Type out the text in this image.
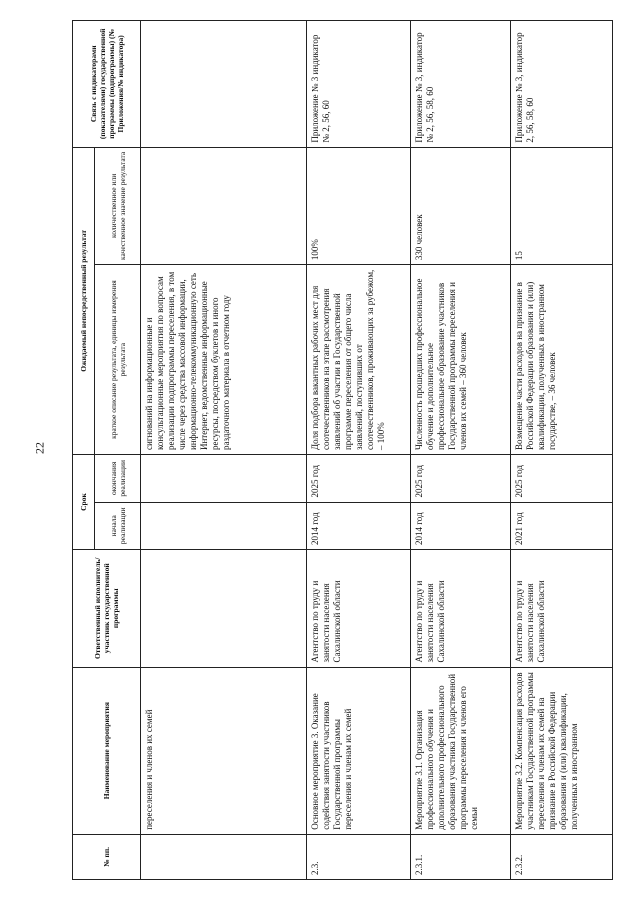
22
№ пп.	Наименование мероприятия	Ответственный исполнитель/участник государственной программы	Срок		Ожидаемый непосредственный результат		Связь с индикаторами (показателями) государственной программы (подпрограммы) (№ Приложения/№ индикатора)
			начала реализации	окончания реализации	краткое описание результата, единицы измерения результата	количественное или качественное значение результата	
	переселения и членов их семей				сигнований на информационные и консультационные мероприятия по вопросам реализации подпрограммы переселения, в том числе через средства массовой информации, информационно-телекоммуникационную сеть Интернет, ведомственные информационные ресурсы, посредством буклетов и иного раздаточного материала в отчетном году		
2.3.	Основное мероприятие 3. Оказание содействия занятости участников Государственной программы переселения и членам их семей	Агентство по труду и занятости населения Сахалинской области	2014 год	2025 год	Доля подбора вакантных рабочих мест для соотечественников на этапе рассмотрения заявлений об участии в Государственной программе переселения от общего числа заявлений, поступивших от соотечественников, проживающих за рубежом, – 100%	100%	Приложение № 3 индикатор № 2, 56, 60
2.3.1.	Мероприятие 3.1. Организация профессионального обучения и дополнительного профессионального образования участника Государственной программы переселения и членов его семьи	Агентство по труду и занятости населения Сахалинской области	2014 год	2025 год	Численность прошедших профессиональное обучение и дополнительное профессиональное образование участников Государственной программы переселения и членов их семей – 360 человек	330 человек	Приложение № 3, индикатор № 2, 56, 58, 60
2.3.2.	Мероприятие 3.2. Компенсация расходов участникам Государственной программы переселения и членам их семей на признание в Российской Федерации образования и (или) квалификации, полученных в иностранном	Агентство по труду и занятости населения Сахалинской области	2021 год	2025 год	Возмещение части расходов на признание в Российской Федерации образования и (или) квалификации, полученных в иностранном государстве, – 36 человек	15	Приложение № 3, индикатор 2, 56, 58, 60
